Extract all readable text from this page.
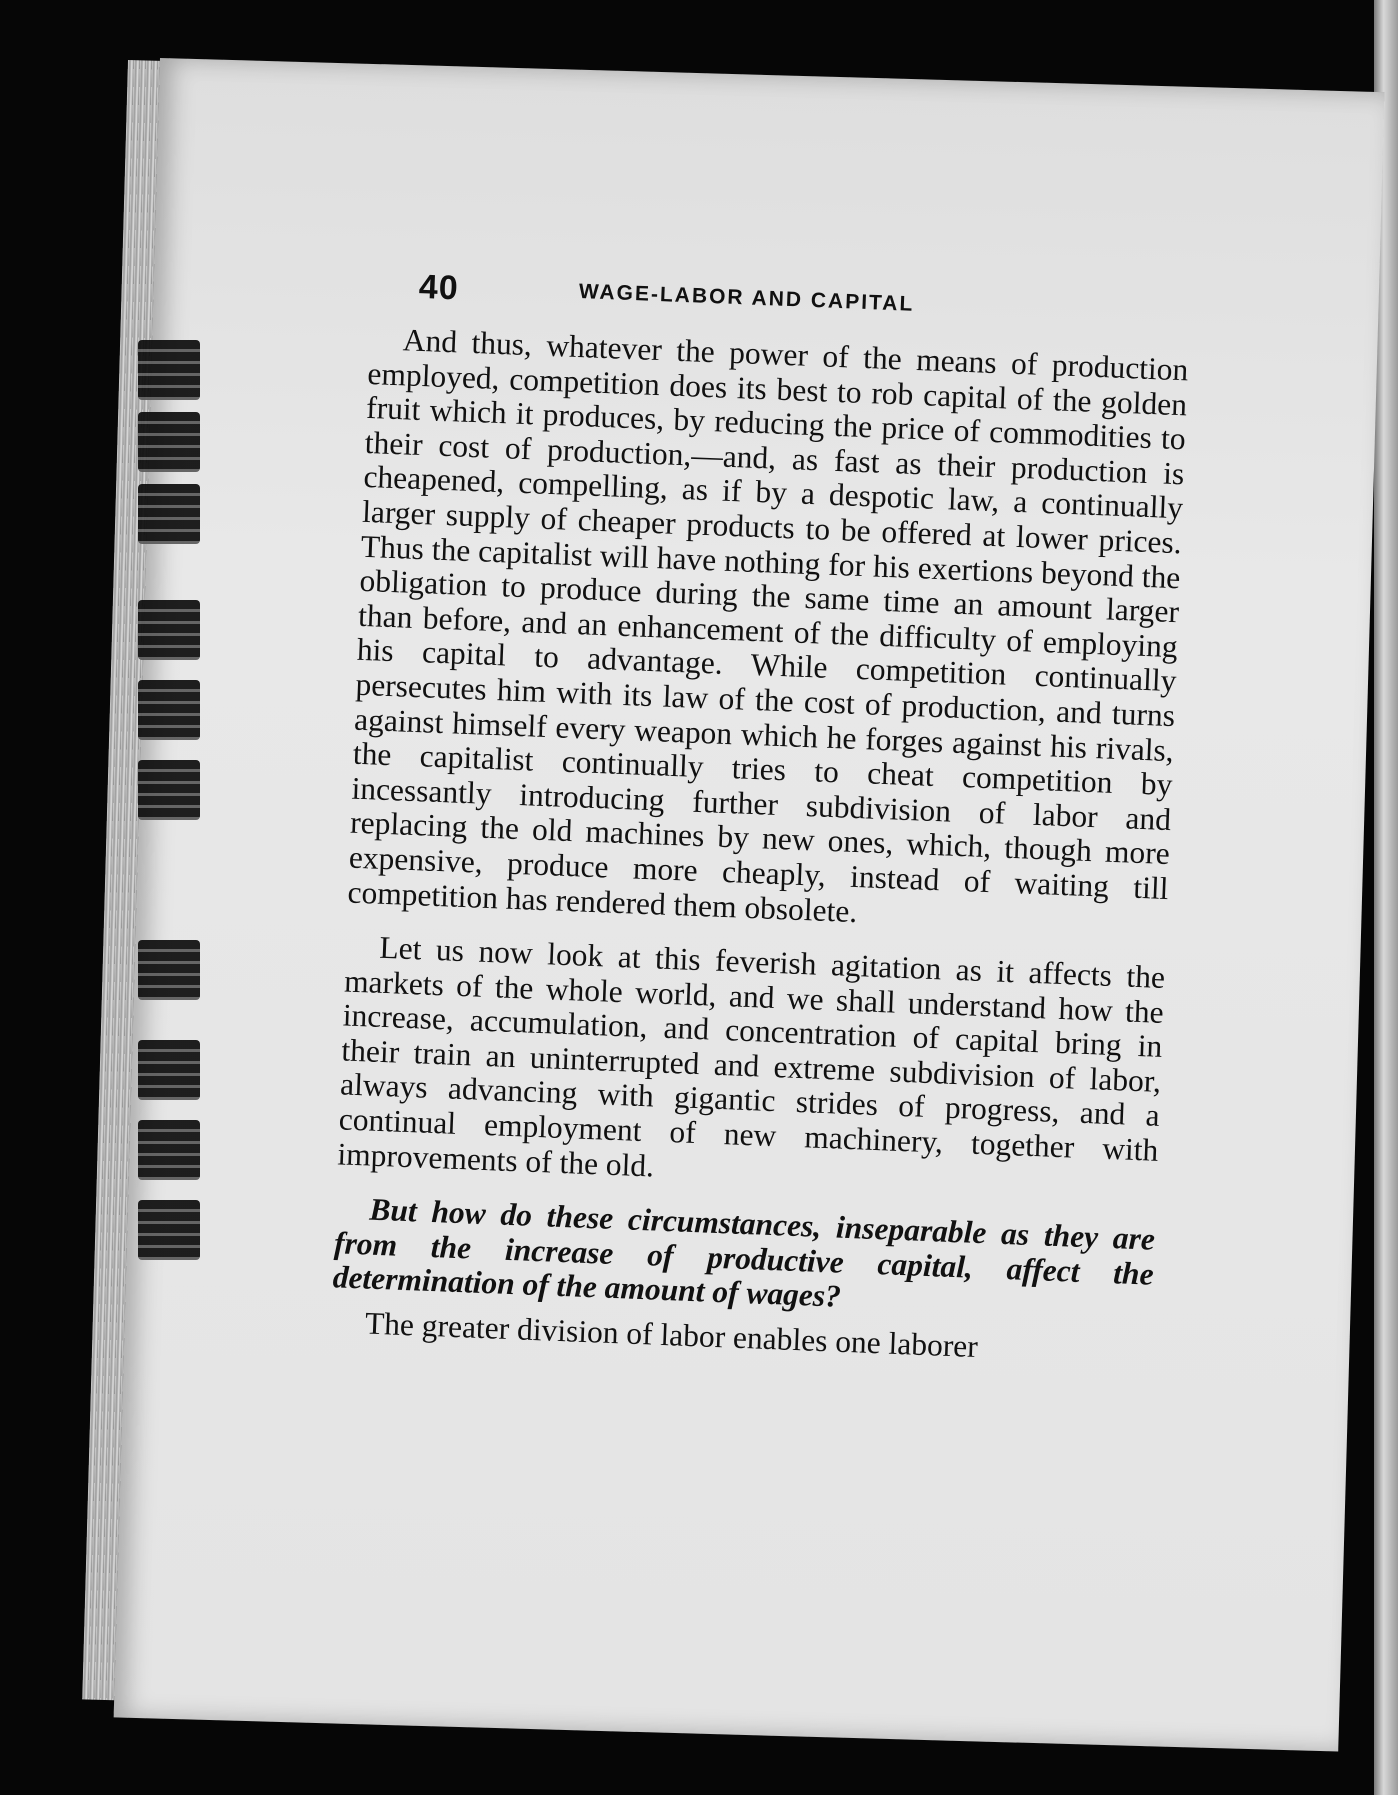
40	WAGE-LABOR AND CAPITAL

And thus, whatever the power of the means of production employed, competition does its best to rob capital of the golden fruit which it produces, by reducing the price of commodities to their cost of production,—and, as fast as their production is cheapened, compelling, as if by a despotic law, a continually larger supply of cheaper products to be offered at lower prices. Thus the capitalist will have nothing for his exertions beyond the obligation to produce during the same time an amount larger than before, and an enhancement of the difficulty of employing his capital to advantage. While competition continually persecutes him with its law of the cost of production, and turns against himself every weapon which he forges against his rivals, the capitalist continually tries to cheat competition by incessantly introducing further subdivision of labor and replacing the old machines by new ones, which, though more expensive, produce more cheaply, instead of waiting till competition has rendered them obsolete.

Let us now look at this feverish agitation as it affects the markets of the whole world, and we shall understand how the increase, accumulation, and concentration of capital bring in their train an uninterrupted and extreme subdivision of labor, always advancing with gigantic strides of progress, and a continual employment of new machinery, together with improvements of the old.

But how do these circumstances, inseparable as they are from the increase of productive capital, affect the determination of the amount of wages?

The greater division of labor enables one laborer
